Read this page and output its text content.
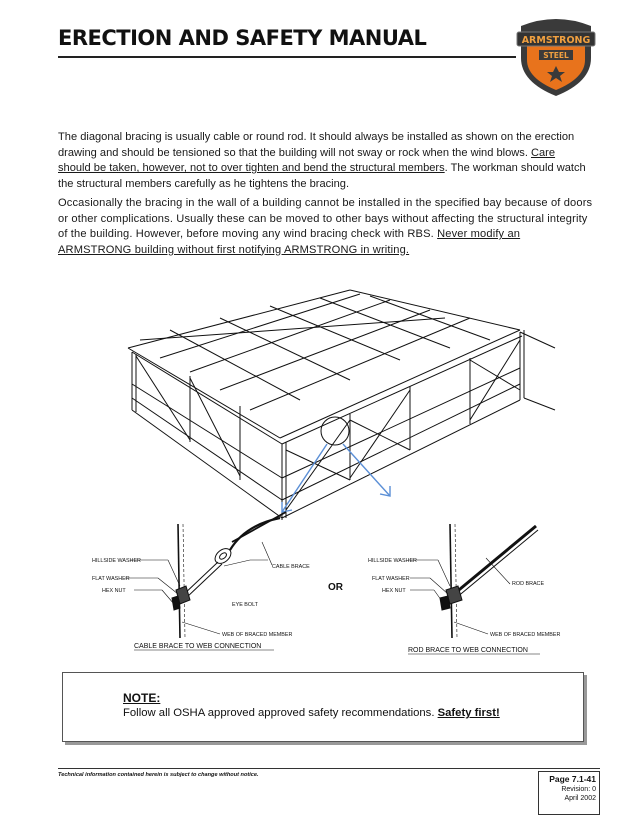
ERECTION AND SAFETY MANUAL	ARMSTRONG
STEEL
The diagonal bracing is usually cable or round rod. It should always be installed as shown on the erection drawing and should be tensioned so that the building will not sway or rock when the wind blows. Care should be taken, however, not to over tighten and bend the structural members. The workman should watch the structural members carefully as he tightens the bracing.
Occasionally the bracing in the wall of a building cannot be installed in the specified bay because of doors or other complications. Usually these can be moved to other bays without affecting the structural integrity of the building. However, before moving any wind bracing check with RBS. Never modify an ARMSTRONG building without first notifying ARMSTRONG in writing.
HILLSIDE WASHER
FLAT WASHER
HEX NUT
CABLE BRACE
EYE BOLT
WEB OF BRACED MEMBER
CABLE BRACE TO WEB CONNECTION
OR
HILLSIDE WASHER
FLAT WASHER
HEX NUT
ROD BRACE
WEB OF BRACED MEMBER
ROD BRACE TO WEB CONNECTION
NOTE:
Follow all OSHA approved approved safety recommendations. Safety first!
Technical information contained herein is subject to change without notice.	Page 7.1-41
Revision: 0
April 2002
